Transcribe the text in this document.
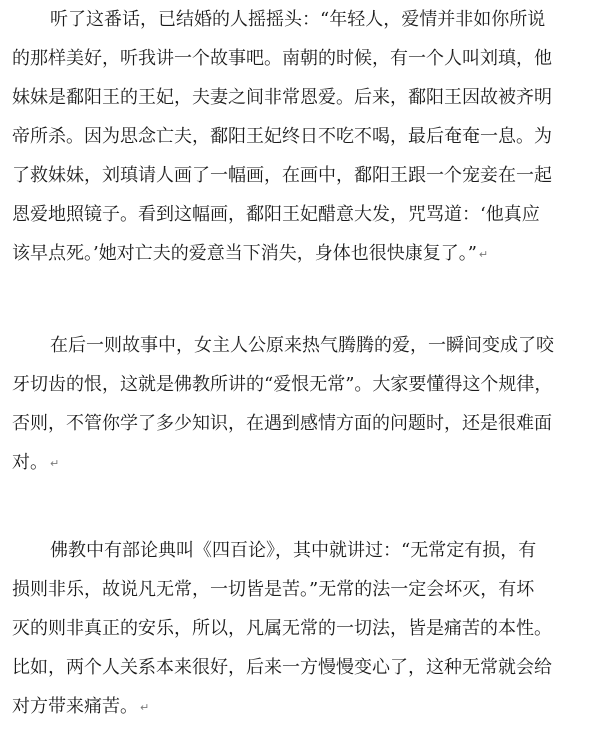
听了这番话，已结婚的人摇摇头：“年轻人，爱情并非如你所说
的那样美好，听我讲一个故事吧。南朝的时候，有一个人叫刘瑱，他
妹妹是鄱阳王的王妃，夫妻之间非常恩爱。后来，鄱阳王因故被齐明
帝所杀。因为思念亡夫，鄱阳王妃终日不吃不喝，最后奄奄一息。为
了救妹妹，刘瑱请人画了一幅画，在画中，鄱阳王跟一个宠妾在一起
恩爱地照镜子。看到这幅画，鄱阳王妃醋意大发，咒骂道：‘他真应
该早点死。’她对亡夫的爱意当下消失，身体也很快康复了。” ↵
在后一则故事中，女主人公原来热气腾腾的爱，一瞬间变成了咬
牙切齿的恨，这就是佛教所讲的“爱恨无常”。大家要懂得这个规律，
否则，不管你学了多少知识，在遇到感情方面的问题时，还是很难面
对。 ↵
佛教中有部论典叫《四百论》，其中就讲过：“无常定有损，有
损则非乐，故说凡无常，一切皆是苦。”无常的法一定会坏灭，有坏
灭的则非真正的安乐，所以，凡属无常的一切法，皆是痛苦的本性。
比如，两个人关系本来很好，后来一方慢慢变心了，这种无常就会给
对方带来痛苦。 ↵
